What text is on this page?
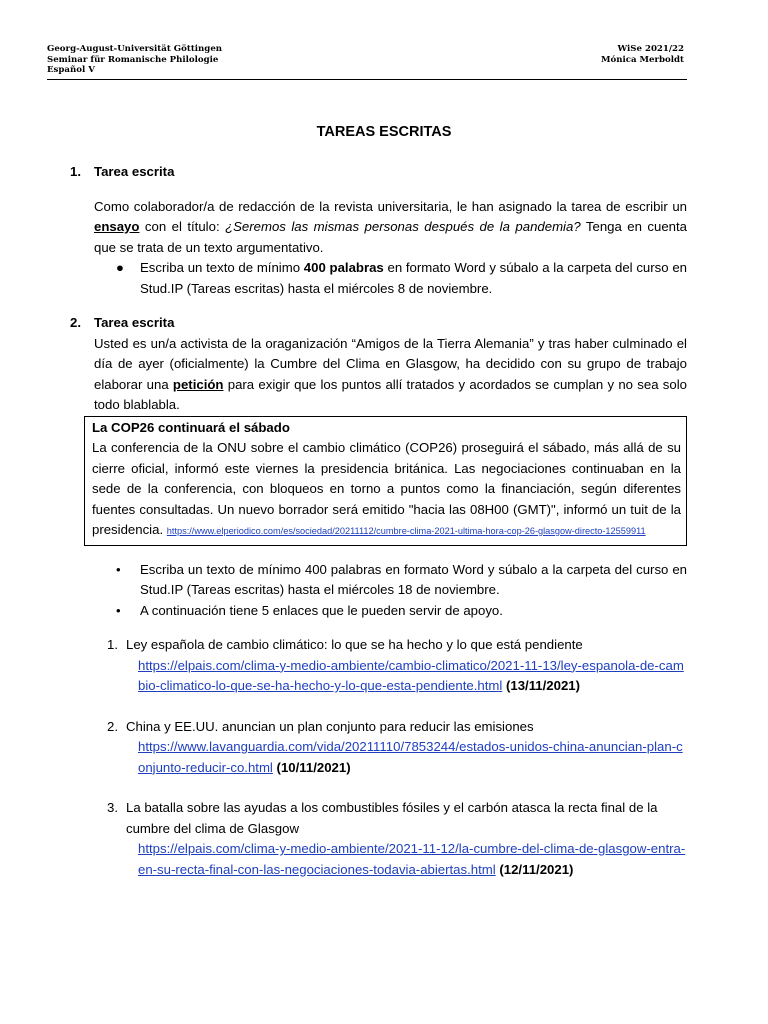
Georg-August-Universität Göttingen
Seminar für Romanische Philologie
Español V
WiSe 2021/22
Mónica Merboldt
TAREAS ESCRITAS
1. Tarea escrita
Como colaborador/a de redacción de la revista universitaria, le han asignado la tarea de escribir un ensayo con el título: ¿Seremos las mismas personas después de la pandemia? Tenga en cuenta que se trata de un texto argumentativo.
● Escriba un texto de mínimo 400 palabras en formato Word y súbalo a la carpeta del curso en Stud.IP (Tareas escritas) hasta el miércoles 8 de noviembre.
2. Tarea escrita
Usted es un/a activista de la oraganización “Amigos de la Tierra Alemania” y tras haber culminado el día de ayer (oficialmente) la Cumbre del Clima en Glasgow, ha decidido con su grupo de trabajo elaborar una petición para exigir que los puntos allí tratados y acordados se cumplan y no sea solo todo blablabla.
La COP26 continuará el sábado
La conferencia de la ONU sobre el cambio climático (COP26) proseguirá el sábado, más allá de su cierre oficial, informó este viernes la presidencia británica. Las negociaciones continuaban en la sede de la conferencia, con bloqueos en torno a puntos como la financiación, según diferentes fuentes consultadas. Un nuevo borrador será emitido "hacia las 08H00 (GMT)", informó un tuit de la presidencia. https://www.elperiodico.com/es/sociedad/20211112/cumbre-clima-2021-ultima-hora-cop-26-glasgow-directo-12559911
• Escriba un texto de mínimo 400 palabras en formato Word y súbalo a la carpeta del curso en Stud.IP (Tareas escritas) hasta el miércoles 18 de noviembre.
• A continuación tiene 5 enlaces que le pueden servir de apoyo.
1. Ley española de cambio climático: lo que se ha hecho y lo que está pendiente
https://elpais.com/clima-y-medio-ambiente/cambio-climatico/2021-11-13/ley-espanola-de-cambio-climatico-lo-que-se-ha-hecho-y-lo-que-esta-pendiente.html (13/11/2021)
2. China y EE.UU. anuncian un plan conjunto para reducir las emisiones
https://www.lavanguardia.com/vida/20211110/7853244/estados-unidos-china-anuncian-plan-conjunto-reducir-co.html (10/11/2021)
3. La batalla sobre las ayudas a los combustibles fósiles y el carbón atasca la recta final de la cumbre del clima de Glasgow
https://elpais.com/clima-y-medio-ambiente/2021-11-12/la-cumbre-del-clima-de-glasgow-entra-en-su-recta-final-con-las-negociaciones-todavia-abiertas.html (12/11/2021)
